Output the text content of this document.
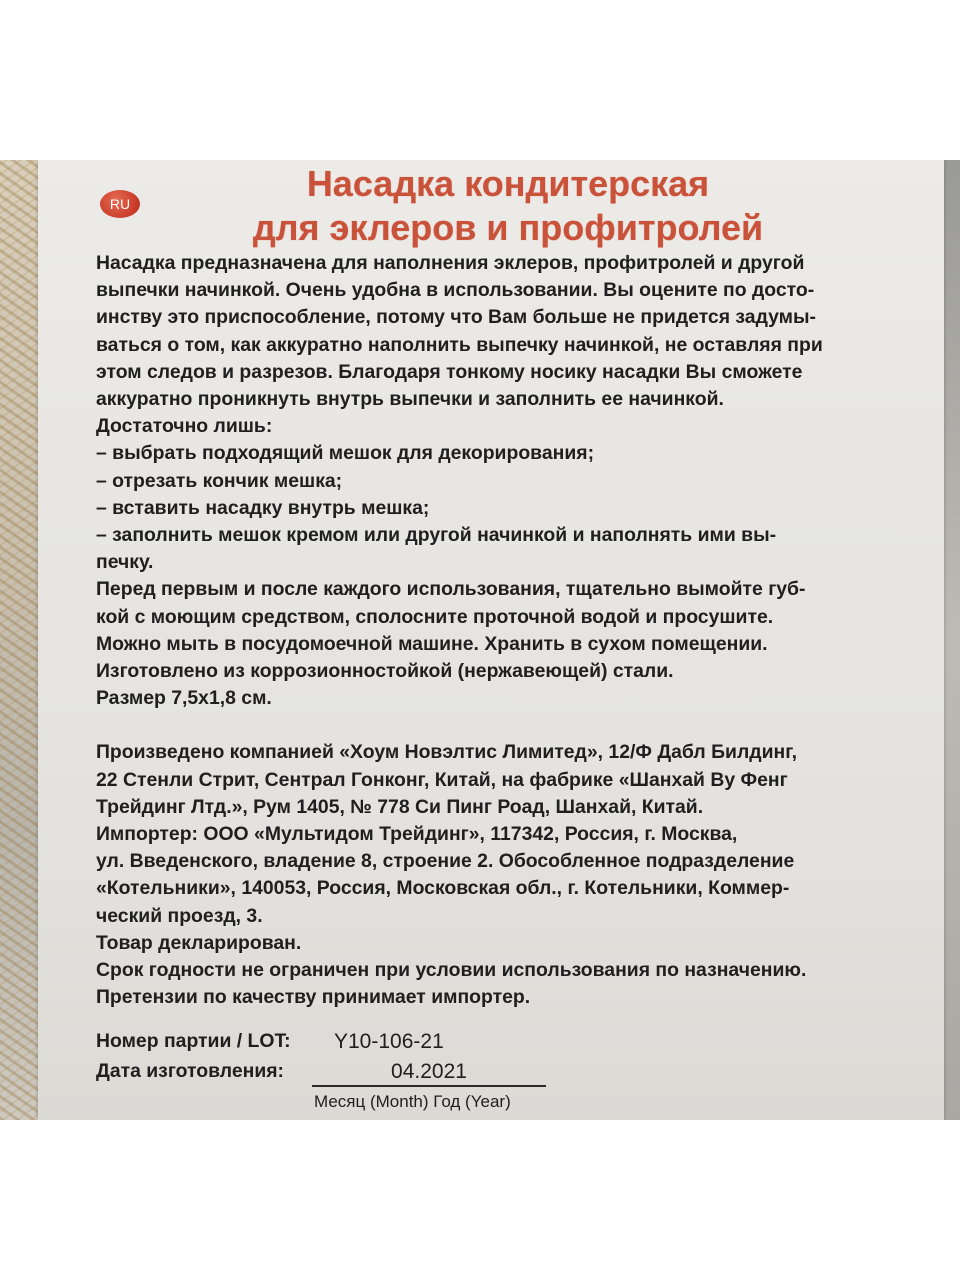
RU	Насадка кондитерская
для эклеров и профитролей
Насадка предназначена для наполнения эклеров, профитролей и другой
выпечки начинкой. Очень удобна в использовании. Вы оцените по досто-
инству это приспособление, потому что Вам больше не придется задумы-
ваться о том, как аккуратно наполнить выпечку начинкой, не оставляя при
этом следов и разрезов. Благодаря тонкому носику насадки Вы сможете
аккуратно проникнуть внутрь выпечки и заполнить ее начинкой.
Достаточно лишь:
– выбрать подходящий мешок для декорирования;
– отрезать кончик мешка;
– вставить насадку внутрь мешка;
– заполнить мешок кремом или другой начинкой и наполнять ими вы-
печку.
Перед первым и после каждого использования, тщательно вымойте губ-
кой с моющим средством, сполосните проточной водой и просушите.
Можно мыть в посудомоечной машине. Хранить в сухом помещении.
Изготовлено из коррозионностойкой (нержавеющей) стали.
Размер 7,5х1,8 см.
Произведено компанией «Хоум Новэлтис Лимитед», 12/Ф Дабл Билдинг,
22 Стенли Стрит, Сентрал Гонконг, Китай, на фабрике «Шанхай Ву Фенг
Трейдинг Лтд.», Рум 1405, № 778 Си Пинг Роад, Шанхай, Китай.
Импортер: ООО «Мультидом Трейдинг», 117342, Россия, г. Москва,
ул. Введенского, владение 8, строение 2. Обособленное подразделение
«Котельники», 140053, Россия, Московская обл., г. Котельники, Коммер-
ческий проезд, 3.
Товар декларирован.
Срок годности не ограничен при условии использования по назначению.
Претензии по качеству принимает импортер.
Номер партии / LOT: Y10-106-21
Дата изготовления:	04.2021
Месяц (Month) Год (Year)
